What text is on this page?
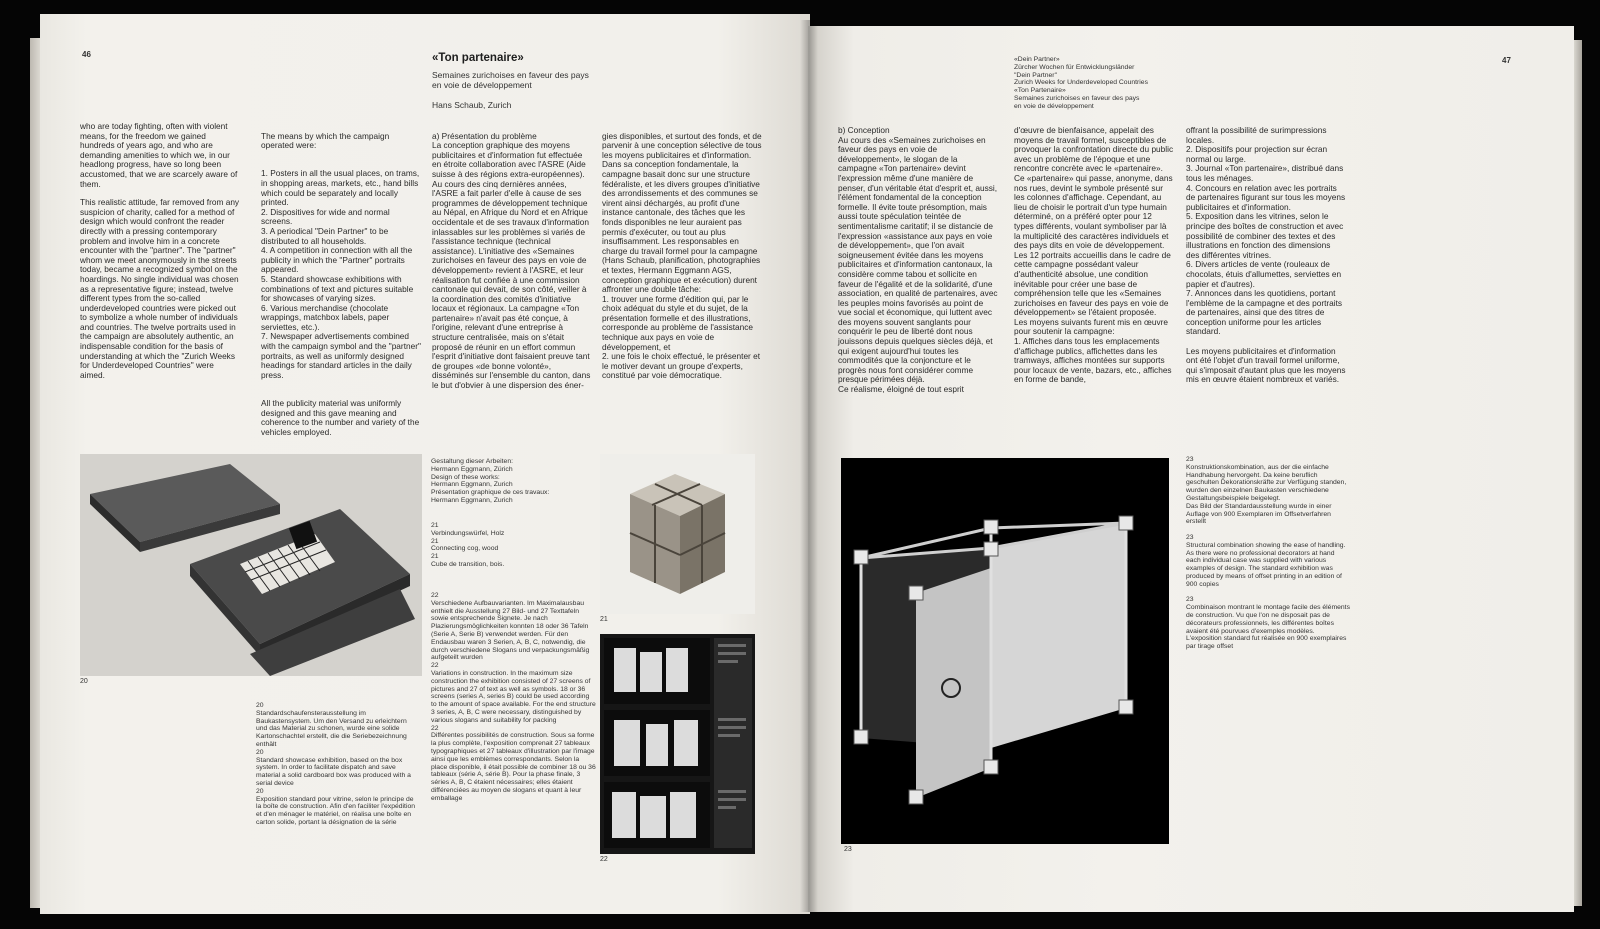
46	«Ton partenaire»
Semaines zurichoises en faveur des pays en voie de développement
Hans Schaub, Zurich

who are today fighting, often with violent means, for the freedom we gained hundreds of years ago, and who are demanding amenities to which we, in our headlong progress, have so long been accustomed, that we are scarcely aware of them.

This realistic attitude, far removed from any suspicion of charity, called for a method of design which would confront the reader directly with a pressing contemporary problem and involve him in a concrete encounter with the "partner". The "partner" whom we meet anonymously in the streets today, became a recognized symbol on the hoardings. No single individual was chosen as a representative figure; instead, twelve different types from the so-called underdeveloped countries were picked out to symbolize a whole number of individuals and countries. The twelve portraits used in the campaign are absolutely authentic, an indispensable condition for the basis of understanding at which the "Zurich Weeks for Underdeveloped Countries" were aimed.

The means by which the campaign operated were:

1. Posters in all the usual places, on trams, in shopping areas, markets, etc., hand bills which could be separately and locally printed.
2. Dispositives for wide and normal screens.
3. A periodical "Dein Partner" to be distributed to all households.
4. A competition in connection with all the publicity in which the "Partner" portraits appeared.
5. Standard showcase exhibitions with combinations of text and pictures suitable for showcases of varying sizes.
6. Various merchandise (chocolate wrappings, matchbox labels, paper serviettes, etc.).
7. Newspaper advertisements combined with the campaign symbol and the "partner" portraits, as well as uniformly designed headings for standard articles in the daily press.

All the publicity material was uniformly designed and this gave meaning and coherence to the number and variety of the vehicles employed.

a) Présentation du problème
La conception graphique des moyens publicitaires et d'information fut effectuée en étroite collaboration avec l'ASRE (Aide suisse à des régions extra-européennes). Au cours des cinq dernières années, l'ASRE a fait parler d'elle à cause de ses programmes de développement technique au Népal, en Afrique du Nord et en Afrique occidentale et de ses travaux d'information inlassables sur les problèmes si variés de l'assistance technique (technical assistance). L'initiative des «Semaines zurichoises en faveur des pays en voie de développement» revient à l'ASRE, et leur réalisation fut confiée à une commission cantonale qui devait, de son côté, veiller à la coordination des comités d'initiative locaux et régionaux. La campagne «Ton partenaire» n'avait pas été conçue, à l'origine, relevant d'une entreprise à structure centralisée, mais on s'était proposé de réunir en un effort commun l'esprit d'initiative dont faisaient preuve tant de groupes «de bonne volonté», disséminés sur l'ensemble du canton, dans le but d'obvier à une dispersion des éner-

gies disponibles, et surtout des fonds, et de parvenir à une conception sélective de tous les moyens publicitaires et d'information. Dans sa conception fondamentale, la campagne basait donc sur une structure fédéraliste, et les divers groupes d'initiative des arrondissements et des communes se virent ainsi déchargés, au profit d'une instance cantonale, des tâches que les fonds disponibles ne leur auraient pas permis d'exécuter, ou tout au plus insuffisamment. Les responsables en charge du travail formel pour la campagne (Hans Schaub, planification, photographies et textes, Hermann Eggmann AGS, conception graphique et exécution) durent affronter une double tâche:
1. trouver une forme d'édition qui, par le choix adéquat du style et du sujet, de la présentation formelle et des illustrations, corresponde au problème de l'assistance technique aux pays en voie de développement, et
2. une fois le choix effectué, le présenter et le motiver devant un groupe d'experts, constitué par voie démocratique.

20
20
Standardschaufensterausstellung im Baukastensystem. Um den Versand zu erleichtern und das Material zu schonen, wurde eine solide Kartonschachtel erstellt, die die Seriebezeichnung enthält
20
Standard showcase exhibition, based on the box system. In order to facilitate dispatch and save material a solid cardboard box was produced with a serial device
20
Exposition standard pour vitrine, selon le principe de la boîte de construction. Afin d'en faciliter l'expédition et d'en ménager le matériel, on réalisa une boîte en carton solide, portant la désignation de la série
Gestaltung dieser Arbeiten:
Hermann Eggmann, Zürich
Design of these works:
Hermann Eggmann, Zurich
Présentation graphique de ces travaux:
Hermann Eggmann, Zurich
21
Verbindungswürfel, Holz
21
Connecting cog, wood
21
Cube de transition, bois.
22
Verschiedene Aufbauvarianten. Im Maximalausbau enthielt die Ausstellung 27 Bild- und 27 Texttafeln sowie entsprechende Signete. Je nach Plazierungsmöglichkeiten konnten 18 oder 36 Tafeln (Serie A, Serie B) verwendet werden. Für den Endausbau waren 3 Serien, A, B, C, notwendig, die durch verschiedene Slogans und verpackungsmäßig aufgeteilt wurden
22
Variations in construction. In the maximum size construction the exhibition consisted of 27 screens of pictures and 27 of text as well as symbols. 18 or 36 screens (series A, series B) could be used according to the amount of space available. For the end structure 3 series, A, B, C were necessary, distinguished by various slogans and suitability for packing
22
Différentes possibilités de construction. Sous sa forme la plus complète, l'exposition comprenait 27 tableaux typographiques et 27 tableaux d'illustration par l'image ainsi que les emblèmes correspondants. Selon la place disponible, il était possible de combiner 18 ou 36 tableaux (série A, série B). Pour la phase finale, 3 séries A, B, C étaient nécessaires; elles étaient différenciées au moyen de slogans et quant à leur emballage
21
22
47
«Dein Partner»
Zürcher Wochen für Entwicklungsländer
"Dein Partner"
Zurich Weeks for Underdeveloped Countries
«Ton Partenaire»
Semaines zurichoises en faveur des pays
en voie de développement
b) Conception
Au cours des «Semaines zurichoises en faveur des pays en voie de développement», le slogan de la campagne «Ton partenaire» devint l'expression même d'une manière de penser, d'un véritable état d'esprit et, aussi, l'élément fondamental de la conception formelle. Il évite toute présomption, mais aussi toute spéculation teintée de sentimentalisme caritatif; il se distancie de l'expression «assistance aux pays en voie de développement», que l'on avait soigneusement évitée dans les moyens publicitaires et d'information cantonaux, la considère comme tabou et sollicite en faveur de l'égalité et de la solidarité, d'une association, en qualité de partenaires, avec les peuples moins favorisés au point de vue social et économique, qui luttent avec des moyens souvent sanglants pour conquérir le peu de liberté dont nous jouissons depuis quelques siècles déjà, et qui exigent aujourd'hui toutes les commodités que la conjoncture et le progrès nous font considérer comme presque périmées déjà.
Ce réalisme, éloigné de tout esprit
d'œuvre de bienfaisance, appelait des moyens de travail formel, susceptibles de provoquer la confrontation directe du public avec un problème de l'époque et une rencontre concrète avec le «partenaire». Ce «partenaire» qui passe, anonyme, dans nos rues, devint le symbole présenté sur les colonnes d'affichage. Cependant, au lieu de choisir le portrait d'un type humain déterminé, on a préféré opter pour 12 types différents, voulant symboliser par là la multiplicité des caractères individuels et des pays dits en voie de développement. Les 12 portraits accueillis dans le cadre de cette campagne possédant valeur d'authenticité absolue, une condition inévitable pour créer une base de compréhension telle que les «Semaines zurichoises en faveur des pays en voie de développement» se l'étaient proposée.
Les moyens suivants furent mis en œuvre pour soutenir la campagne:
1. Affiches dans tous les emplacements d'affichage publics, affichettes dans les tramways, affiches montées sur supports pour locaux de vente, bazars, etc., affiches en forme de bande,
offrant la possibilité de surimpressions locales.
2. Dispositifs pour projection sur écran normal ou large.
3. Journal «Ton partenaire», distribué dans tous les ménages.
4. Concours en relation avec les portraits de partenaires figurant sur tous les moyens publicitaires et d'information.
5. Exposition dans les vitrines, selon le principe des boîtes de construction et avec possibilité de combiner des textes et des illustrations en fonction des dimensions des différentes vitrines.
6. Divers articles de vente (rouleaux de chocolats, étuis d'allumettes, serviettes en papier et d'autres).
7. Annonces dans les quotidiens, portant l'emblème de la campagne et des portraits de partenaires, ainsi que des titres de conception uniforme pour les articles standard.

Les moyens publicitaires et d'information ont été l'objet d'un travail formel uniforme, qui s'imposait d'autant plus que les moyens mis en œuvre étaient nombreux et variés.
23
23
Konstruktionskombination, aus der die einfache Handhabung hervorgeht. Da keine beruflich geschulten Dekorationskräfte zur Verfügung standen, wurden den einzelnen Baukasten verschiedene Gestaltungsbeispiele beigelegt.
Das Bild der Standardausstellung wurde in einer Auflage von 900 Exemplaren im Offsetverfahren erstellt

23
Structural combination showing the ease of handling. As there were no professional decorators at hand each individual case was supplied with various examples of design. The standard exhibition was produced by means of offset printing in an edition of 900 copies

23
Combinaison montrant le montage facile des éléments de construction. Vu que l'on ne disposait pas de décorateurs professionnels, les différentes boîtes avaient été pourvues d'exemples modèles.
L'exposition standard fut réalisée en 900 exemplaires par tirage offset
